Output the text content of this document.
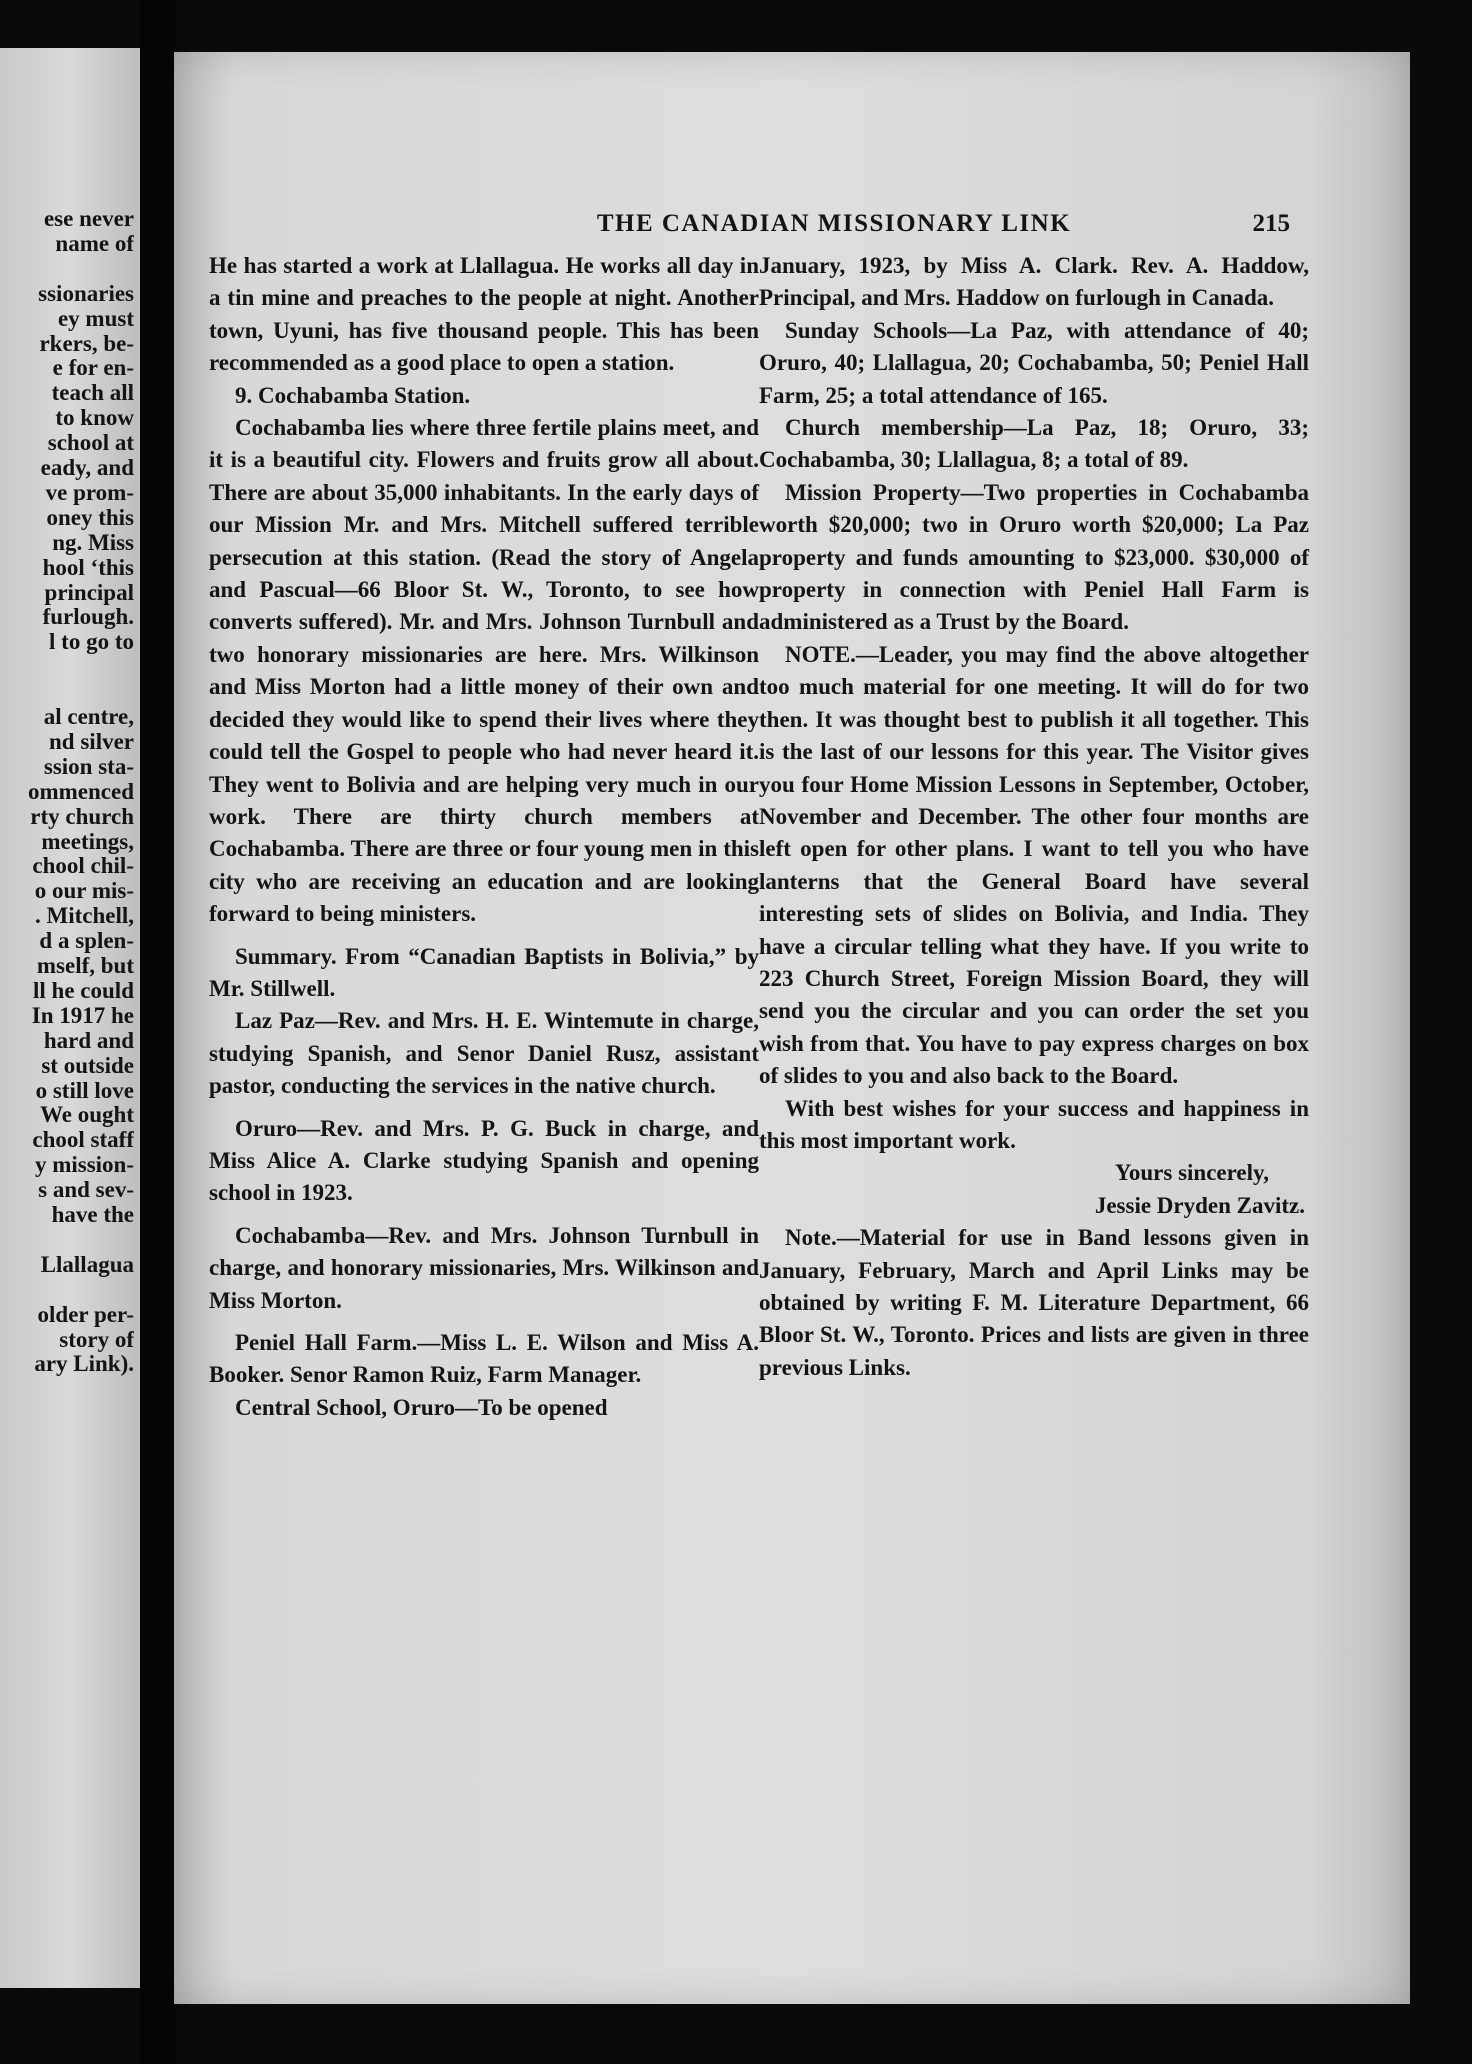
ese never
name of
ssionaries
ey must
rkers, be-
e for en-
teach all
to know
school at
eady, and
ve prom-
oney this
ng. Miss
hool ‘this
principal
furlough.
l to go to
al centre,
nd silver
ssion sta-
ommenced
rty church
meetings,
chool chil-
o our mis-
. Mitchell,
d a splen-
mself, but
ll he could
In 1917 he
hard and
st outside
o still love
We ought
chool staff
y mission-
s and sev-
have the
Llallagua
older per-
story of
ary Link).
THE CANADIAN MISSIONARY LINK	215

He has started a work at Llallagua. He works all day in a tin mine and preaches to the people at night. Another town, Uyuni, has five thousand people. This has been recommended as a good place to open a station.

9. Cochabamba Station.

Cochabamba lies where three fertile plains meet, and it is a beautiful city. Flowers and fruits grow all about. There are about 35,000 inhabitants. In the early days of our Mission Mr. and Mrs. Mitchell suffered terrible persecution at this station. (Read the story of Angela and Pascual—66 Bloor St. W., Toronto, to see how converts suffered). Mr. and Mrs. Johnson Turnbull and two honorary missionaries are here. Mrs. Wilkinson and Miss Morton had a little money of their own and decided they would like to spend their lives where they could tell the Gospel to people who had never heard it. They went to Bolivia and are helping very much in our work. There are thirty church members at Cochabamba. There are three or four young men in this city who are receiving an education and are looking forward to being ministers.

Summary. From “Canadian Baptists in Bolivia,” by Mr. Stillwell.

Laz Paz—Rev. and Mrs. H. E. Wintemute in charge, studying Spanish, and Senor Daniel Rusz, assistant pastor, conducting the services in the native church.

Oruro—Rev. and Mrs. P. G. Buck in charge, and Miss Alice A. Clarke studying Spanish and opening school in 1923.

Cochabamba—Rev. and Mrs. Johnson Turnbull in charge, and honorary missionaries, Mrs. Wilkinson and Miss Morton.

Peniel Hall Farm.—Miss L. E. Wilson and Miss A. Booker. Senor Ramon Ruiz, Farm Manager.

Central School, Oruro—To be opened

January, 1923, by Miss A. Clark. Rev. A. Haddow, Principal, and Mrs. Haddow on furlough in Canada.

Sunday Schools—La Paz, with attendance of 40; Oruro, 40; Llallagua, 20; Cochabamba, 50; Peniel Hall Farm, 25; a total attendance of 165.

Church membership—La Paz, 18; Oruro, 33; Cochabamba, 30; Llallagua, 8; a total of 89.

Mission Property—Two properties in Cochabamba worth $20,000; two in Oruro worth $20,000; La Paz property and funds amounting to $23,000. $30,000 of property in connection with Peniel Hall Farm is administered as a Trust by the Board.

NOTE.—Leader, you may find the above altogether too much material for one meeting. It will do for two then. It was thought best to publish it all together. This is the last of our lessons for this year. The Visitor gives you four Home Mission Lessons in September, October, November and December. The other four months are left open for other plans. I want to tell you who have lanterns that the General Board have several interesting sets of slides on Bolivia, and India. They have a circular telling what they have. If you write to 223 Church Street, Foreign Mission Board, they will send you the circular and you can order the set you wish from that. You have to pay express charges on box of slides to you and also back to the Board.

With best wishes for your success and happiness in this most important work.

Yours sincerely,

Jessie Dryden Zavitz.

Note.—Material for use in Band lessons given in January, February, March and April Links may be obtained by writing F. M. Literature Department, 66 Bloor St. W., Toronto. Prices and lists are given in three previous Links.
